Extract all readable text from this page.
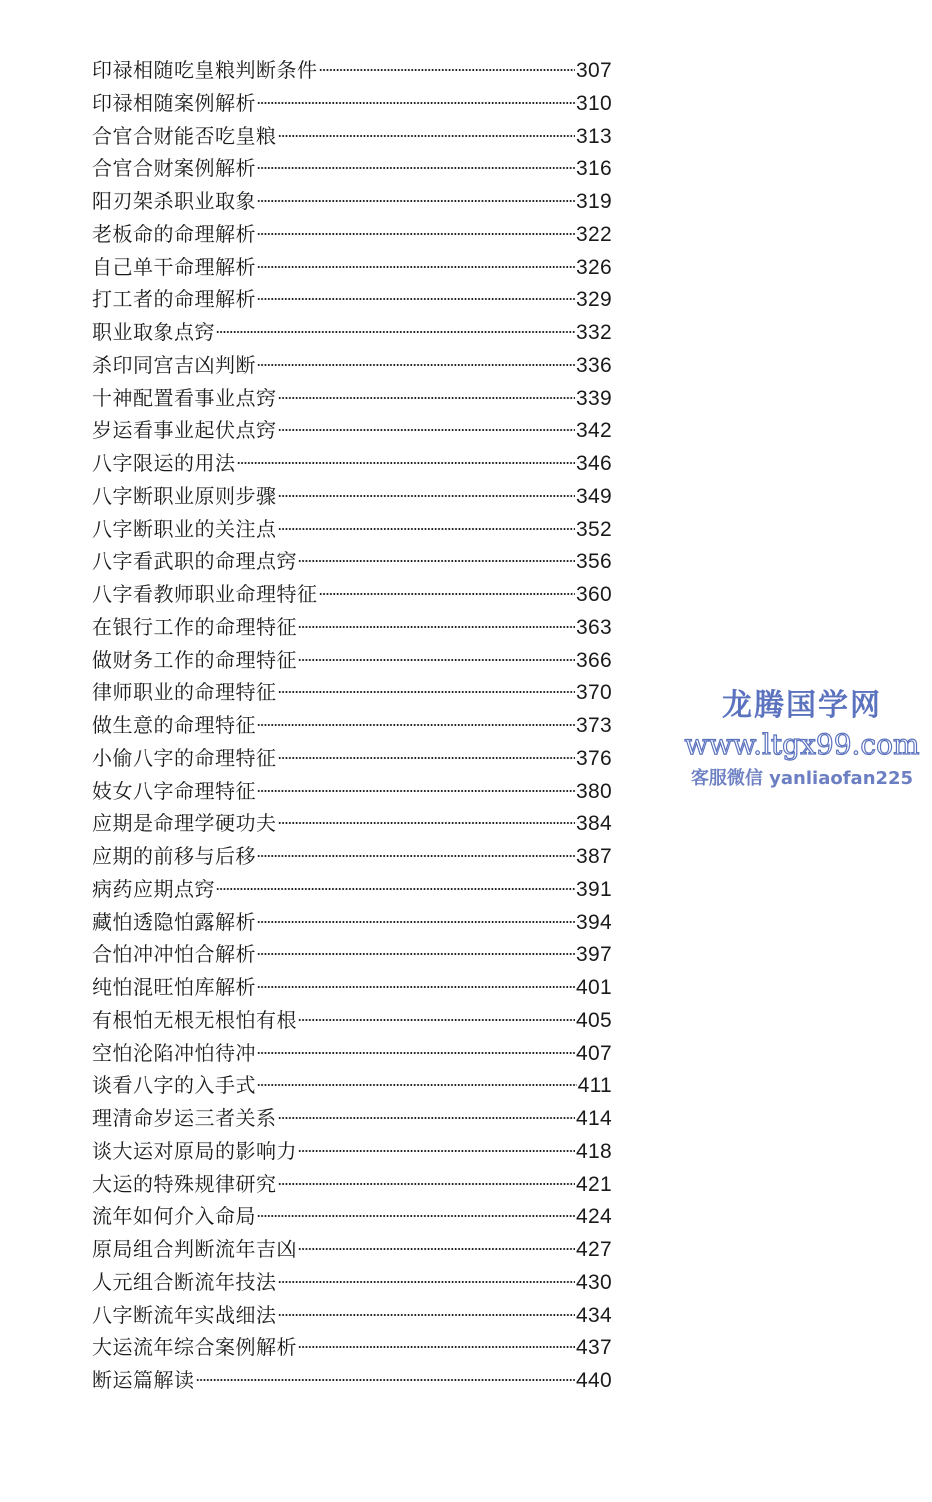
印禄相随吃皇粮判断条件	307
印禄相随案例解析	310
合官合财能否吃皇粮	313
合官合财案例解析	316
阳刃架杀职业取象	319
老板命的命理解析	322
自己单干命理解析	326
打工者的命理解析	329
职业取象点窍	332
杀印同宫吉凶判断	336
十神配置看事业点窍	339
岁运看事业起伏点窍	342
八字限运的用法	346
八字断职业原则步骤	349
八字断职业的关注点	352
八字看武职的命理点窍	356
八字看教师职业命理特征	360
在银行工作的命理特征	363
做财务工作的命理特征	366
律师职业的命理特征	370
做生意的命理特征	373
小偷八字的命理特征	376
妓女八字命理特征	380
应期是命理学硬功夫	384
应期的前移与后移	387
病药应期点窍	391
藏怕透隐怕露解析	394
合怕冲冲怕合解析	397
纯怕混旺怕库解析	401
有根怕无根无根怕有根	405
空怕沦陷冲怕待冲	407
谈看八字的入手式	411
理清命岁运三者关系	414
谈大运对原局的影响力	418
大运的特殊规律研究	421
流年如何介入命局	424
原局组合判断流年吉凶	427
人元组合断流年技法	430
八字断流年实战细法	434
大运流年综合案例解析	437
断运篇解读	440
龙腾国学网
www.ltgx99.com
客服微信 yanliaofan225
